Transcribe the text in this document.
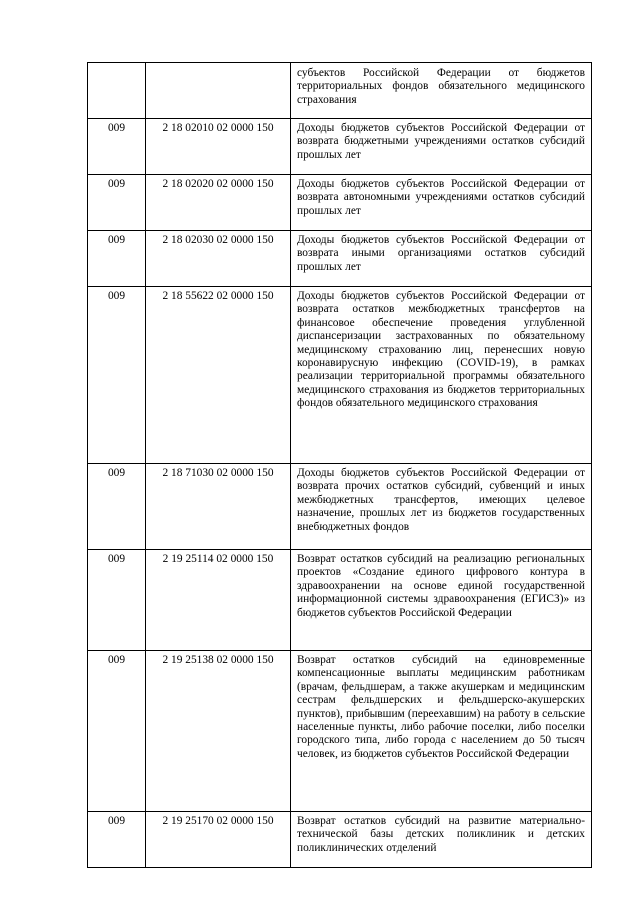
		субъектов Российской Федерации от бюджетов территориальных фондов обязательного медицинского страхования
009	2 18 02010 02 0000 150	Доходы бюджетов субъектов Российской Федерации от возврата бюджетными учреждениями остатков субсидий прошлых лет
009	2 18 02020 02 0000 150	Доходы бюджетов субъектов Российской Федерации от возврата автономными учреждениями остатков субсидий прошлых лет
009	2 18 02030 02 0000 150	Доходы бюджетов субъектов Российской Федерации от возврата иными организациями остатков субсидий прошлых лет
009	2 18 55622 02 0000 150	Доходы бюджетов субъектов Российской Федерации от возврата остатков межбюджетных трансфертов на финансовое обеспечение проведения углубленной диспансеризации застрахованных по обязательному медицинскому страхованию лиц, перенесших новую коронавирусную инфекцию (COVID-19), в рамках реализации территориальной программы обязательного медицинского страхования из бюджетов территориальных фондов обязательного медицинского страхования
009	2 18 71030 02 0000 150	Доходы бюджетов субъектов Российской Федерации от возврата прочих остатков субсидий, субвенций и иных межбюджетных трансфертов, имеющих целевое назначение, прошлых лет из бюджетов государственных внебюджетных фондов
009	2 19 25114 02 0000 150	Возврат остатков субсидий на реализацию региональных проектов «Создание единого цифрового контура в здравоохранении на основе единой государственной информационной системы здравоохранения (ЕГИСЗ)» из бюджетов субъектов Российской Федерации
009	2 19 25138 02 0000 150	Возврат остатков субсидий на единовременные компенсационные выплаты медицинским работникам (врачам, фельдшерам, а также акушеркам и медицинским сестрам фельдшерских и фельдшерско-акушерских пунктов), прибывшим (переехавшим) на работу в сельские населенные пункты, либо рабочие поселки, либо поселки городского типа, либо города с населением до 50 тысяч человек, из бюджетов субъектов Российской Федерации
009	2 19 25170 02 0000 150	Возврат остатков субсидий на развитие материально-технической базы детских поликлиник и детских поликлинических отделений
